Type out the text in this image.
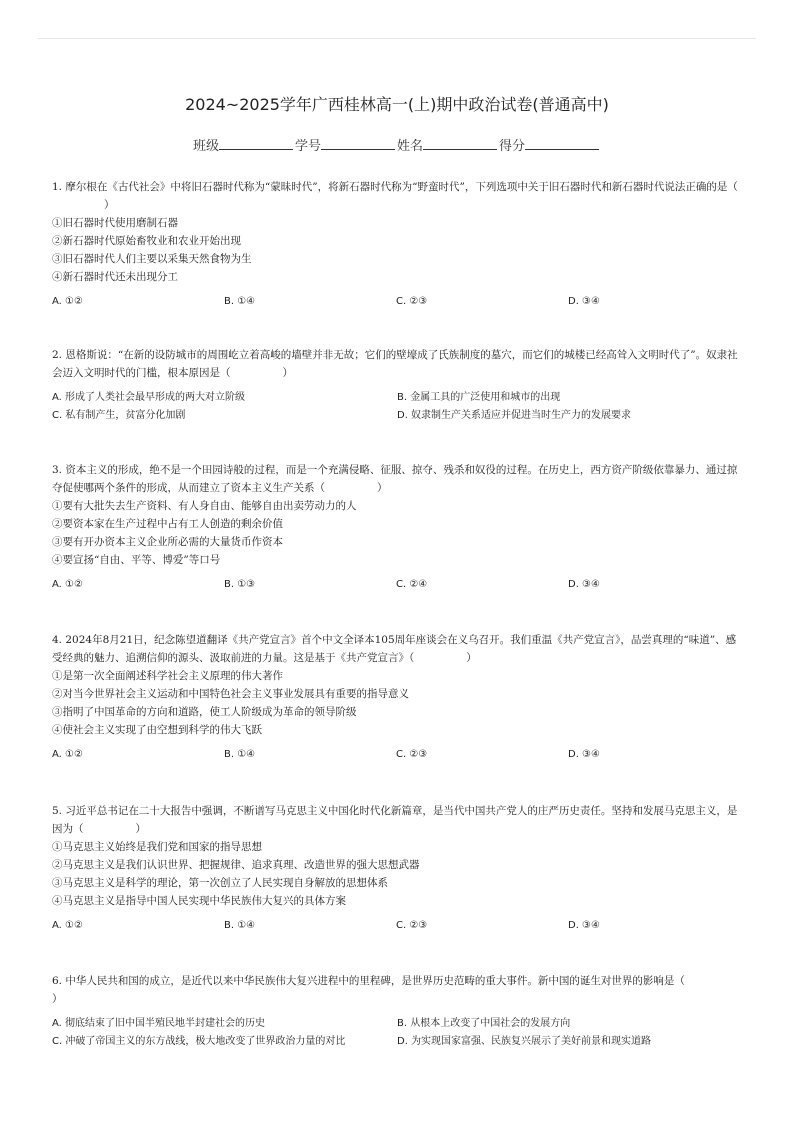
2024~2025学年广西桂林高一(上)期中政治试卷(普通高中)
班级	学号	姓名	得分

1. 摩尔根在《古代社会》中将旧石器时代称为“蒙昧时代”，将新石器时代称为“野蛮时代”，下列选项中关于旧石器时代和新石器时代说法正确的是（）

①旧石器时代使用磨制石器

②新石器时代原始畜牧业和农业开始出现

③旧石器时代人们主要以采集天然食物为生

④新石器时代还未出现分工

A. ①②	B. ①④	C. ②③	D. ③④

2. 恩格斯说：“在新的设防城市的周围屹立着高峻的墙壁并非无故；它们的壁壕成了氏族制度的墓穴，而它们的城楼已经高耸入文明时代了”。奴隶社会迈入文明时代的门槛，根本原因是（	）

A. 形成了人类社会最早形成的两大对立阶级	B. 金属工具的广泛使用和城市的出现
C. 私有制产生，贫富分化加剧	D. 奴隶制生产关系适应并促进当时生产力的发展要求

3. 资本主义的形成，绝不是一个田园诗般的过程，而是一个充满侵略、征服、掠夺、残杀和奴役的过程。在历史上，西方资产阶级依靠暴力、通过掠夺促使哪两个条件的形成，从而建立了资本主义生产关系（	）

①要有大批失去生产资料、有人身自由、能够自由出卖劳动力的人

②要资本家在生产过程中占有工人创造的剩余价值

③要有开办资本主义企业所必需的大量货币作资本

④要宣扬“自由、平等、博爱”等口号

A. ①②	B. ①③	C. ②④	D. ③④

4. 2024年8月21日，纪念陈望道翻译《共产党宣言》首个中文全译本105周年座谈会在义乌召开。我们重温《共产党宣言》，品尝真理的“味道”、感受经典的魅力、追溯信仰的源头、汲取前进的力量。这是基于《共产党宣言》（	）

①是第一次全面阐述科学社会主义原理的伟大著作

②对当今世界社会主义运动和中国特色社会主义事业发展具有重要的指导意义

③指明了中国革命的方向和道路，使工人阶级成为革命的领导阶级

④使社会主义实现了由空想到科学的伟大飞跃

A. ①②	B. ①④	C. ②③	D. ③④

5. 习近平总书记在二十大报告中强调，不断谱写马克思主义中国化时代化新篇章，是当代中国共产党人的庄严历史责任。坚持和发展马克思主义，是因为（	）

①马克思主义始终是我们党和国家的指导思想

②马克思主义是我们认识世界、把握规律、追求真理、改造世界的强大思想武器

③马克思主义是科学的理论，第一次创立了人民实现自身解放的思想体系

④马克思主义是指导中国人民实现中华民族伟大复兴的具体方案

A. ①②	B. ①④	C. ②③	D. ③④

6. 中华人民共和国的成立，是近代以来中华民族伟大复兴进程中的里程碑，是世界历史范畴的重大事件。新中国的诞生对世界的影响是（）

A. 彻底结束了旧中国半殖民地半封建社会的历史	B. 从根本上改变了中国社会的发展方向
C. 冲破了帝国主义的东方战线，极大地改变了世界政治力量的对比	D. 为实现国家富强、民族复兴展示了美好前景和现实道路
